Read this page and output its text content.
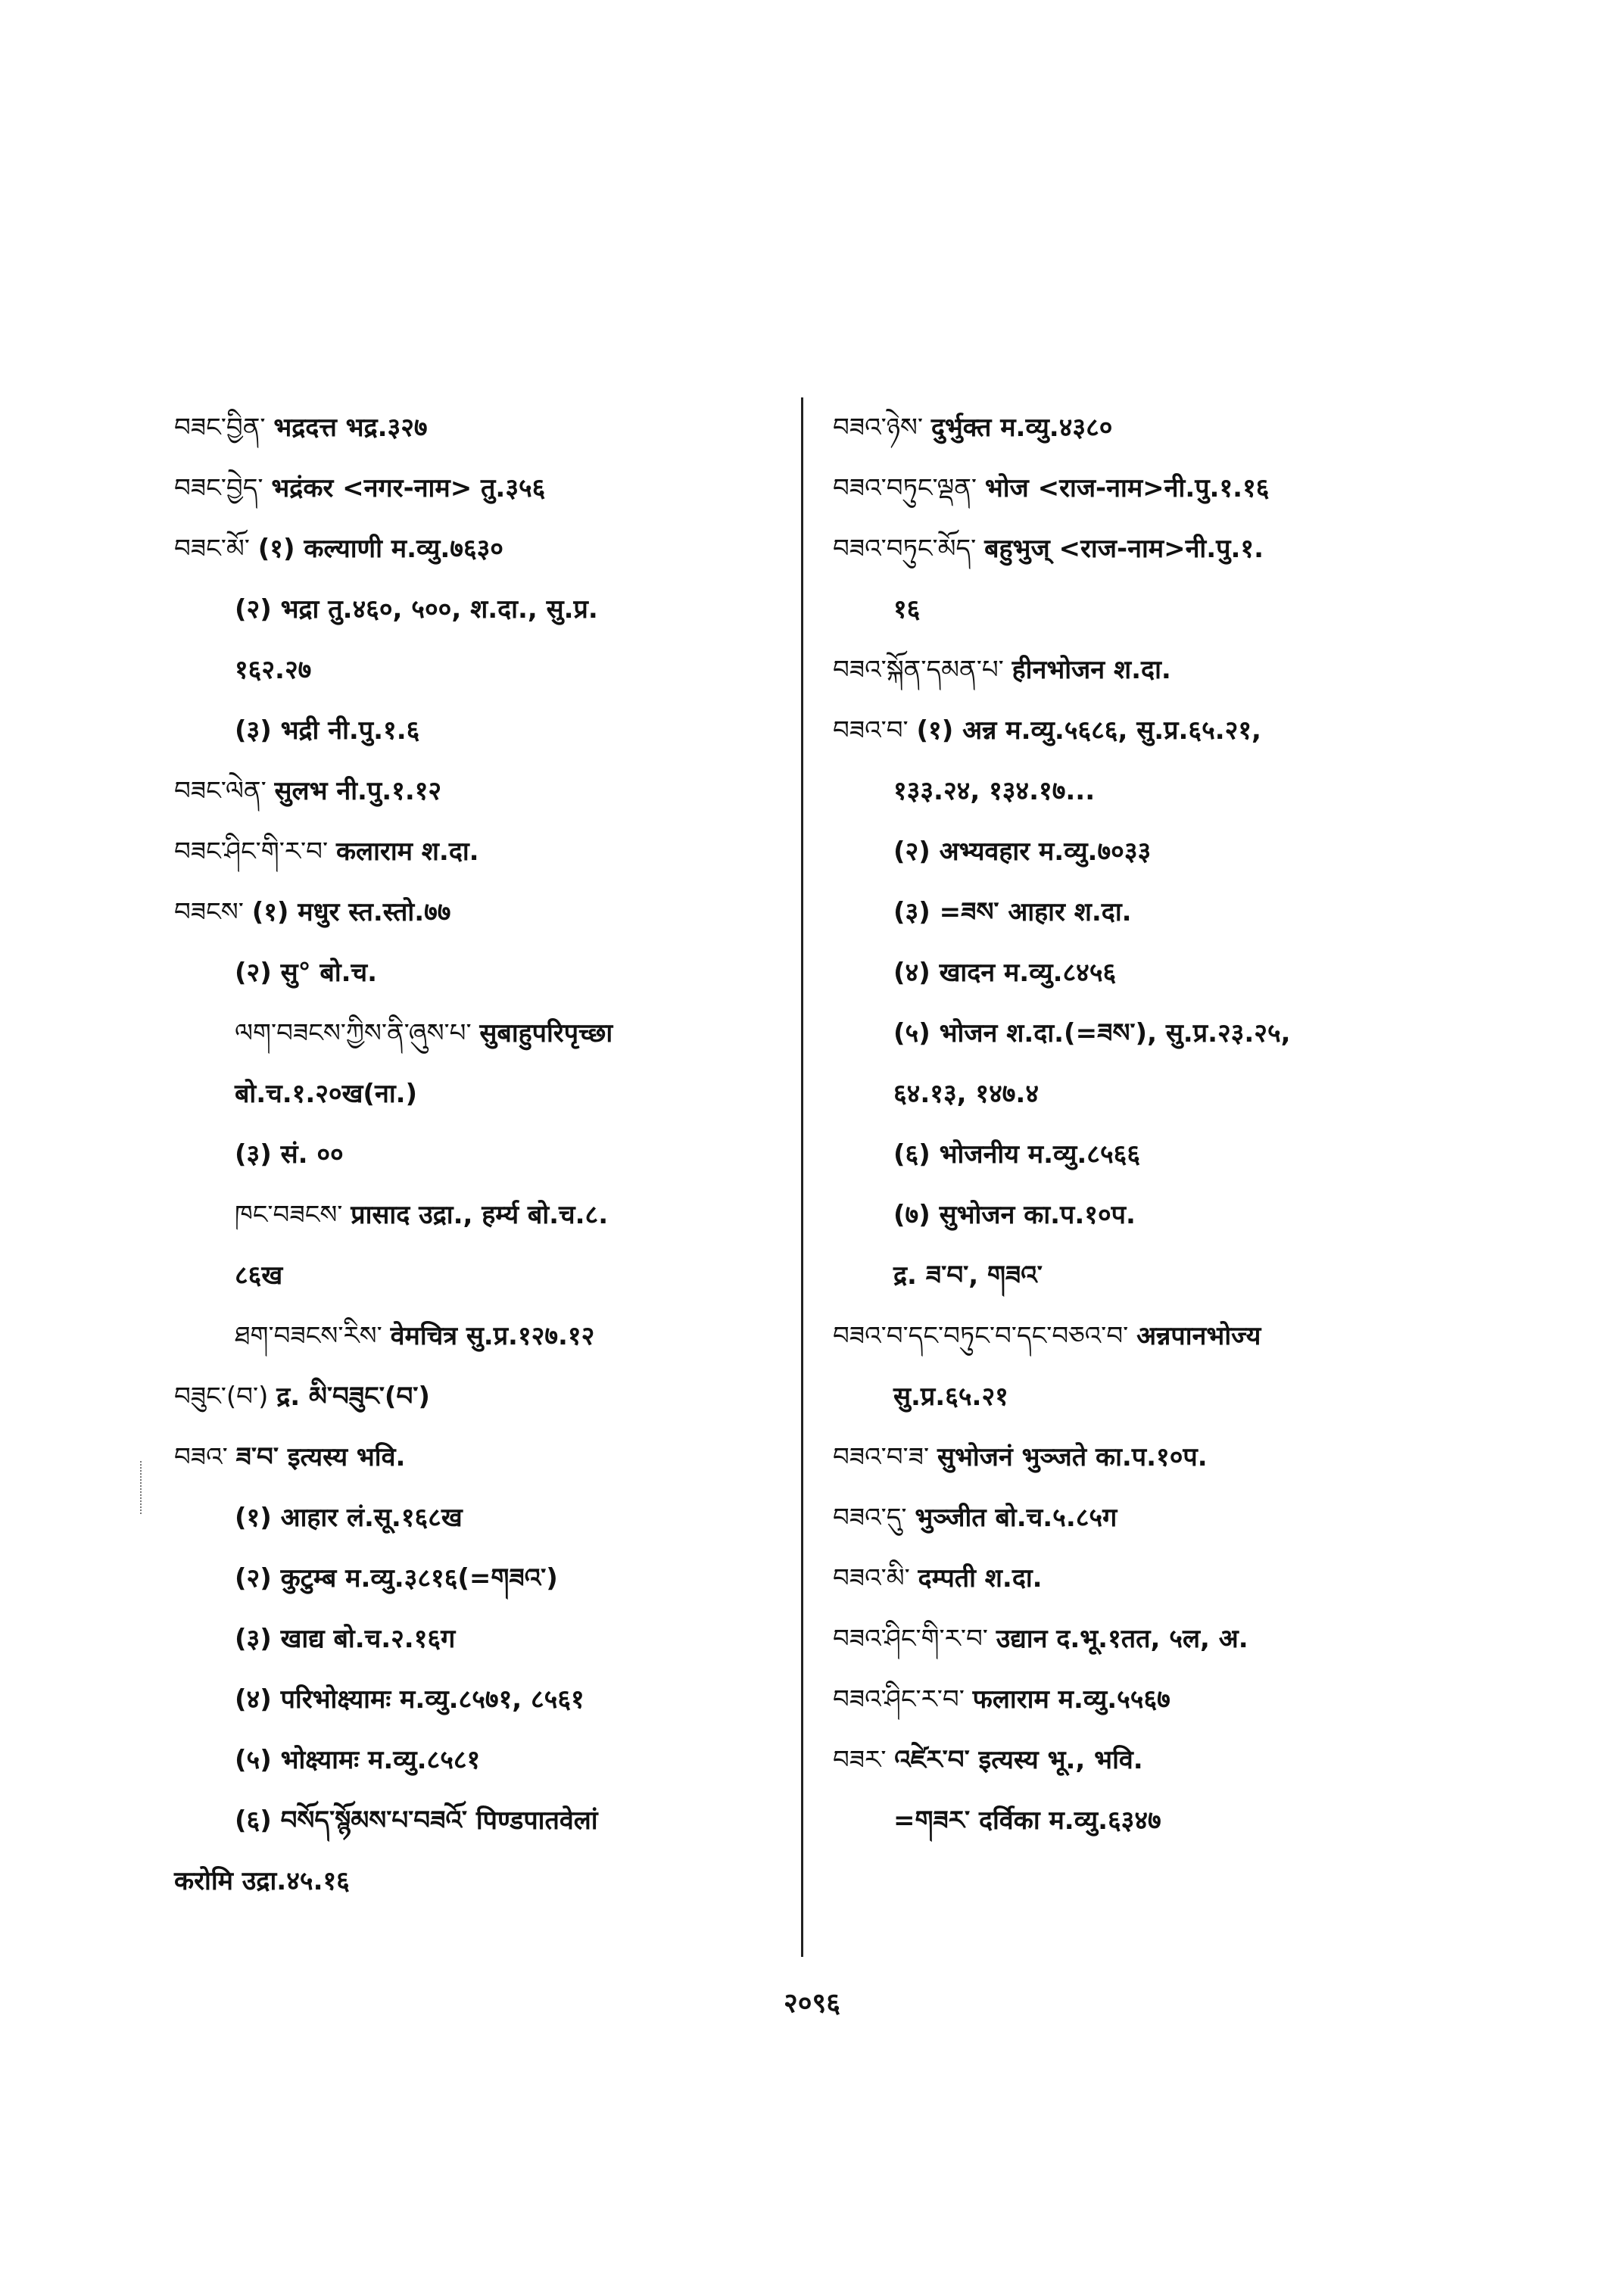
བཟང་བྱིན་ भद्रदत्त भद्र.३२७
བཟང་བྱེད་ भद्रंकर <नगर-नाम> तु.३५६
བཟང་མོ་ (१) कल्याणी म.व्यु.७६३०
(२) भद्रा तु.४६०, ५००, श.दा., सु.प्र.
१६२.२७
(३) भद्री नी.पु.१.६
བཟང་ལེན་ सुलभ नी.पु.१.१२
བཟང་ཤིང་གི་ར་བ་ कलाराम श.दा.
བཟངས་ (१) मधुर स्त.स्तो.७७
(२) सु° बो.च.
ལག་བཟངས་ཀྱིས་ནི་ཞུས་པ་ सुबाहुपरिपृच्छा
बो.च.१.२०ख(ना.)
(३) सं. ००
ཁང་བཟངས་ प्रासाद उद्रा., हर्म्य बो.च.८.
८६ख
ཐག་བཟངས་རིས་ वेमचित्र सु.प्र.१२७.१२
བཟུང་(བ་) द्र. མི་བཟུང་(བ་)
བཟའ་ ཟ་བ་ इत्यस्य भवि.
(१) आहार लं.सू.१६८ख
(२) कुटुम्ब म.व्यु.३८१६(=གཟའ་)
(३) खाद्य बो.च.२.१६ग
(४) परिभोक्ष्यामः म.व्यु.८५७१, ८५६१
(५) भोक्ष्यामः म.व्यु.८५८१
(६) བསོད་སྙོམས་པ་བཟའོ་ पिण्डपातवेलां
करोमि उद्रा.४५.१६
བཟའ་ཉེས་ दुर्भुक्त म.व्यु.४३८०
བཟའ་བཏུང་ལྡན་ भोज <राज-नाम>नी.पु.१.१६
བཟའ་བཏུང་མོད་ बहुभुज् <राज-नाम>नी.पु.१.
१६
བཟའ་སྐོན་དམན་པ་ हीनभोजन श.दा.
བཟའ་བ་ (१) अन्न म.व्यु.५६८६, सु.प्र.६५.२१,
१३३.२४, १३४.१७...
(२) अभ्यवहार म.व्यु.७०३३
(३) =ཟས་ आहार श.दा.
(४) खादन म.व्यु.८४५६
(५) भोजन श.दा.(=ཟས་), सु.प्र.२३.२५,
६४.१३, १४७.४
(६) भोजनीय म.व्यु.८५६६
(७) सुभोजन का.प.१०प.
द्र. ཟ་བ་, གཟའ་
བཟའ་བ་དང་བཏུང་བ་དང་བཅའ་བ་ अन्नपानभोज्य
सु.प्र.६५.२१
བཟའ་བ་ཟ་ सुभोजनं भुञ्जते का.प.१०प.
བཟའ་དུ་ भुञ्जीत बो.च.५.८५ग
བཟའ་མི་ दम्पती श.दा.
བཟའ་ཤིང་གི་ར་བ་ उद्यान द.भू.१तत, ५ल, अ.
བཟའ་ཤིང་ར་བ་ फलाराम म.व्यु.५५६७
བཟར་ འཛེར་བ་ इत्यस्य भू., भवि.
=གཟར་ दर्विका म.व्यु.६३४७
२०९६
